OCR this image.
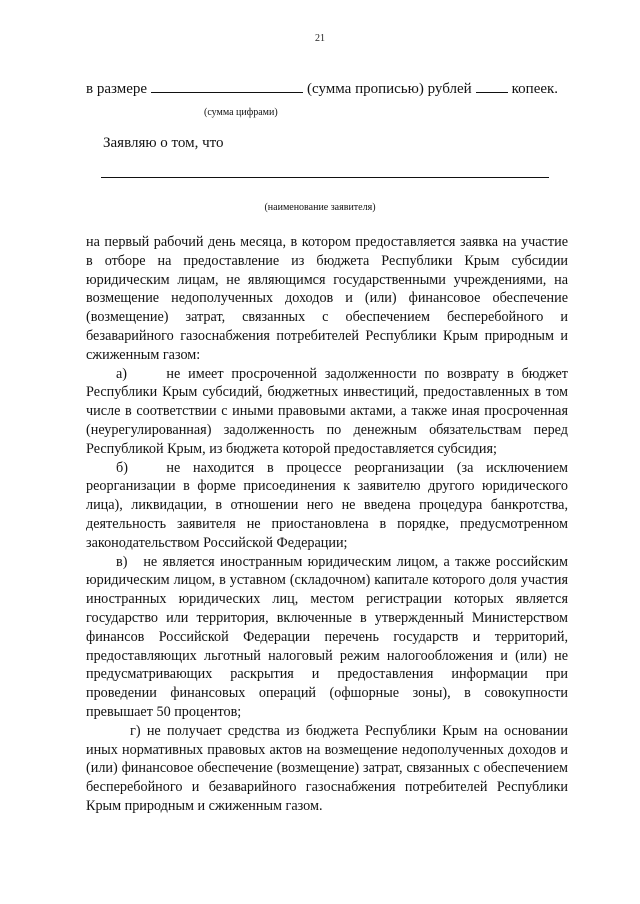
21
в размере	(сумма прописью) рублей	копеек.
(сумма цифрами)
Заявляю о том, что
(наименование заявителя)

на первый рабочий день месяца, в котором предоставляется заявка на участие в отборе на предоставление из бюджета Республики Крым субсидии юридическим лицам, не являющимся государственными учреждениями, на возмещение недополученных доходов и (или) финансовое обеспечение (возмещение) затрат, связанных с обеспечением бесперебойного и безаварийного газоснабжения потребителей Республики Крым природным и сжиженным газом:

а)     не имеет просроченной задолженности по возврату в бюджет Республики Крым субсидий, бюджетных инвестиций, предоставленных в том числе в соответствии с иными правовыми актами, а также иная просроченная (неурегулированная) задолженность по денежным обязательствам перед Республикой Крым, из бюджета которой предоставляется субсидия;

б)   не находится в процессе реорганизации (за исключением реорганизации в форме присоединения к заявителю другого юридического лица), ликвидации, в отношении него не введена процедура банкротства, деятельность заявителя не приостановлена в порядке, предусмотренном законодательством Российской Федерации;

в)   не является иностранным юридическим лицом, а также российским юридическим лицом, в уставном (складочном) капитале которого доля участия иностранных юридических лиц, местом регистрации которых является государство или территория, включенные в утвержденный Министерством финансов Российской Федерации перечень государств и территорий, предоставляющих льготный налоговый режим налогообложения и (или) не предусматривающих раскрытия и предоставления информации при проведении финансовых операций (офшорные зоны), в совокупности превышает 50 процентов;

г) не получает средства из бюджета Республики Крым на основании иных нормативных правовых актов на возмещение недополученных доходов и (или) финансовое обеспечение (возмещение) затрат, связанных с обеспечением бесперебойного и безаварийного газоснабжения потребителей Республики Крым природным и сжиженным газом.
